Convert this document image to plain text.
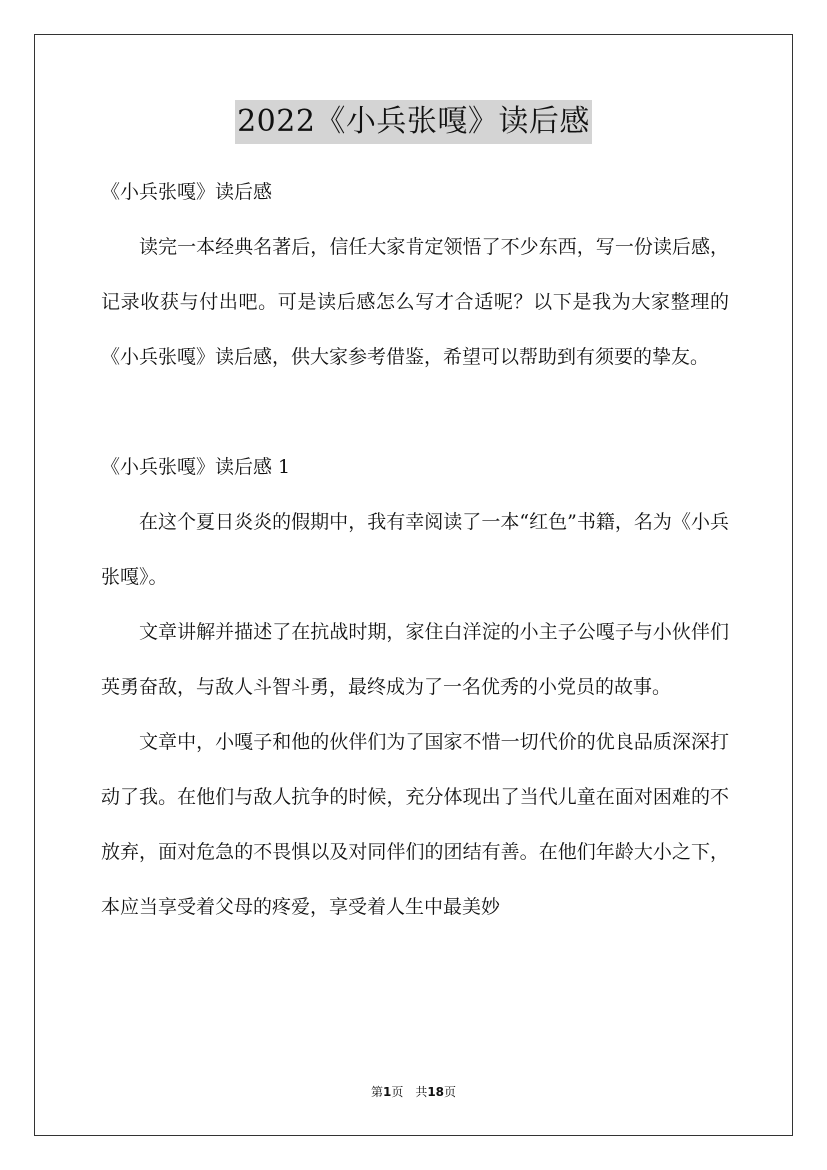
2022《小兵张嘎》读后感

《小兵张嘎》读后感

读完一本经典名著后，信任大家肯定领悟了不少东西，写一份读后感，记录收获与付出吧。可是读后感怎么写才合适呢？以下是我为大家整理的《小兵张嘎》读后感，供大家参考借鉴，希望可以帮助到有须要的挚友。

《小兵张嘎》读后感 1

在这个夏日炎炎的假期中，我有幸阅读了一本“红色”书籍，名为《小兵张嘎》。

文章讲解并描述了在抗战时期，家住白洋淀的小主子公嘎子与小伙伴们英勇奋敌，与敌人斗智斗勇，最终成为了一名优秀的小党员的故事。

文章中，小嘎子和他的伙伴们为了国家不惜一切代价的优良品质深深打动了我。在他们与敌人抗争的时候，充分体现出了当代儿童在面对困难的不放弃，面对危急的不畏惧以及对同伴们的团结有善。在他们年龄大小之下，本应当享受着父母的疼爱，享受着人生中最美妙

第1页　共18页
